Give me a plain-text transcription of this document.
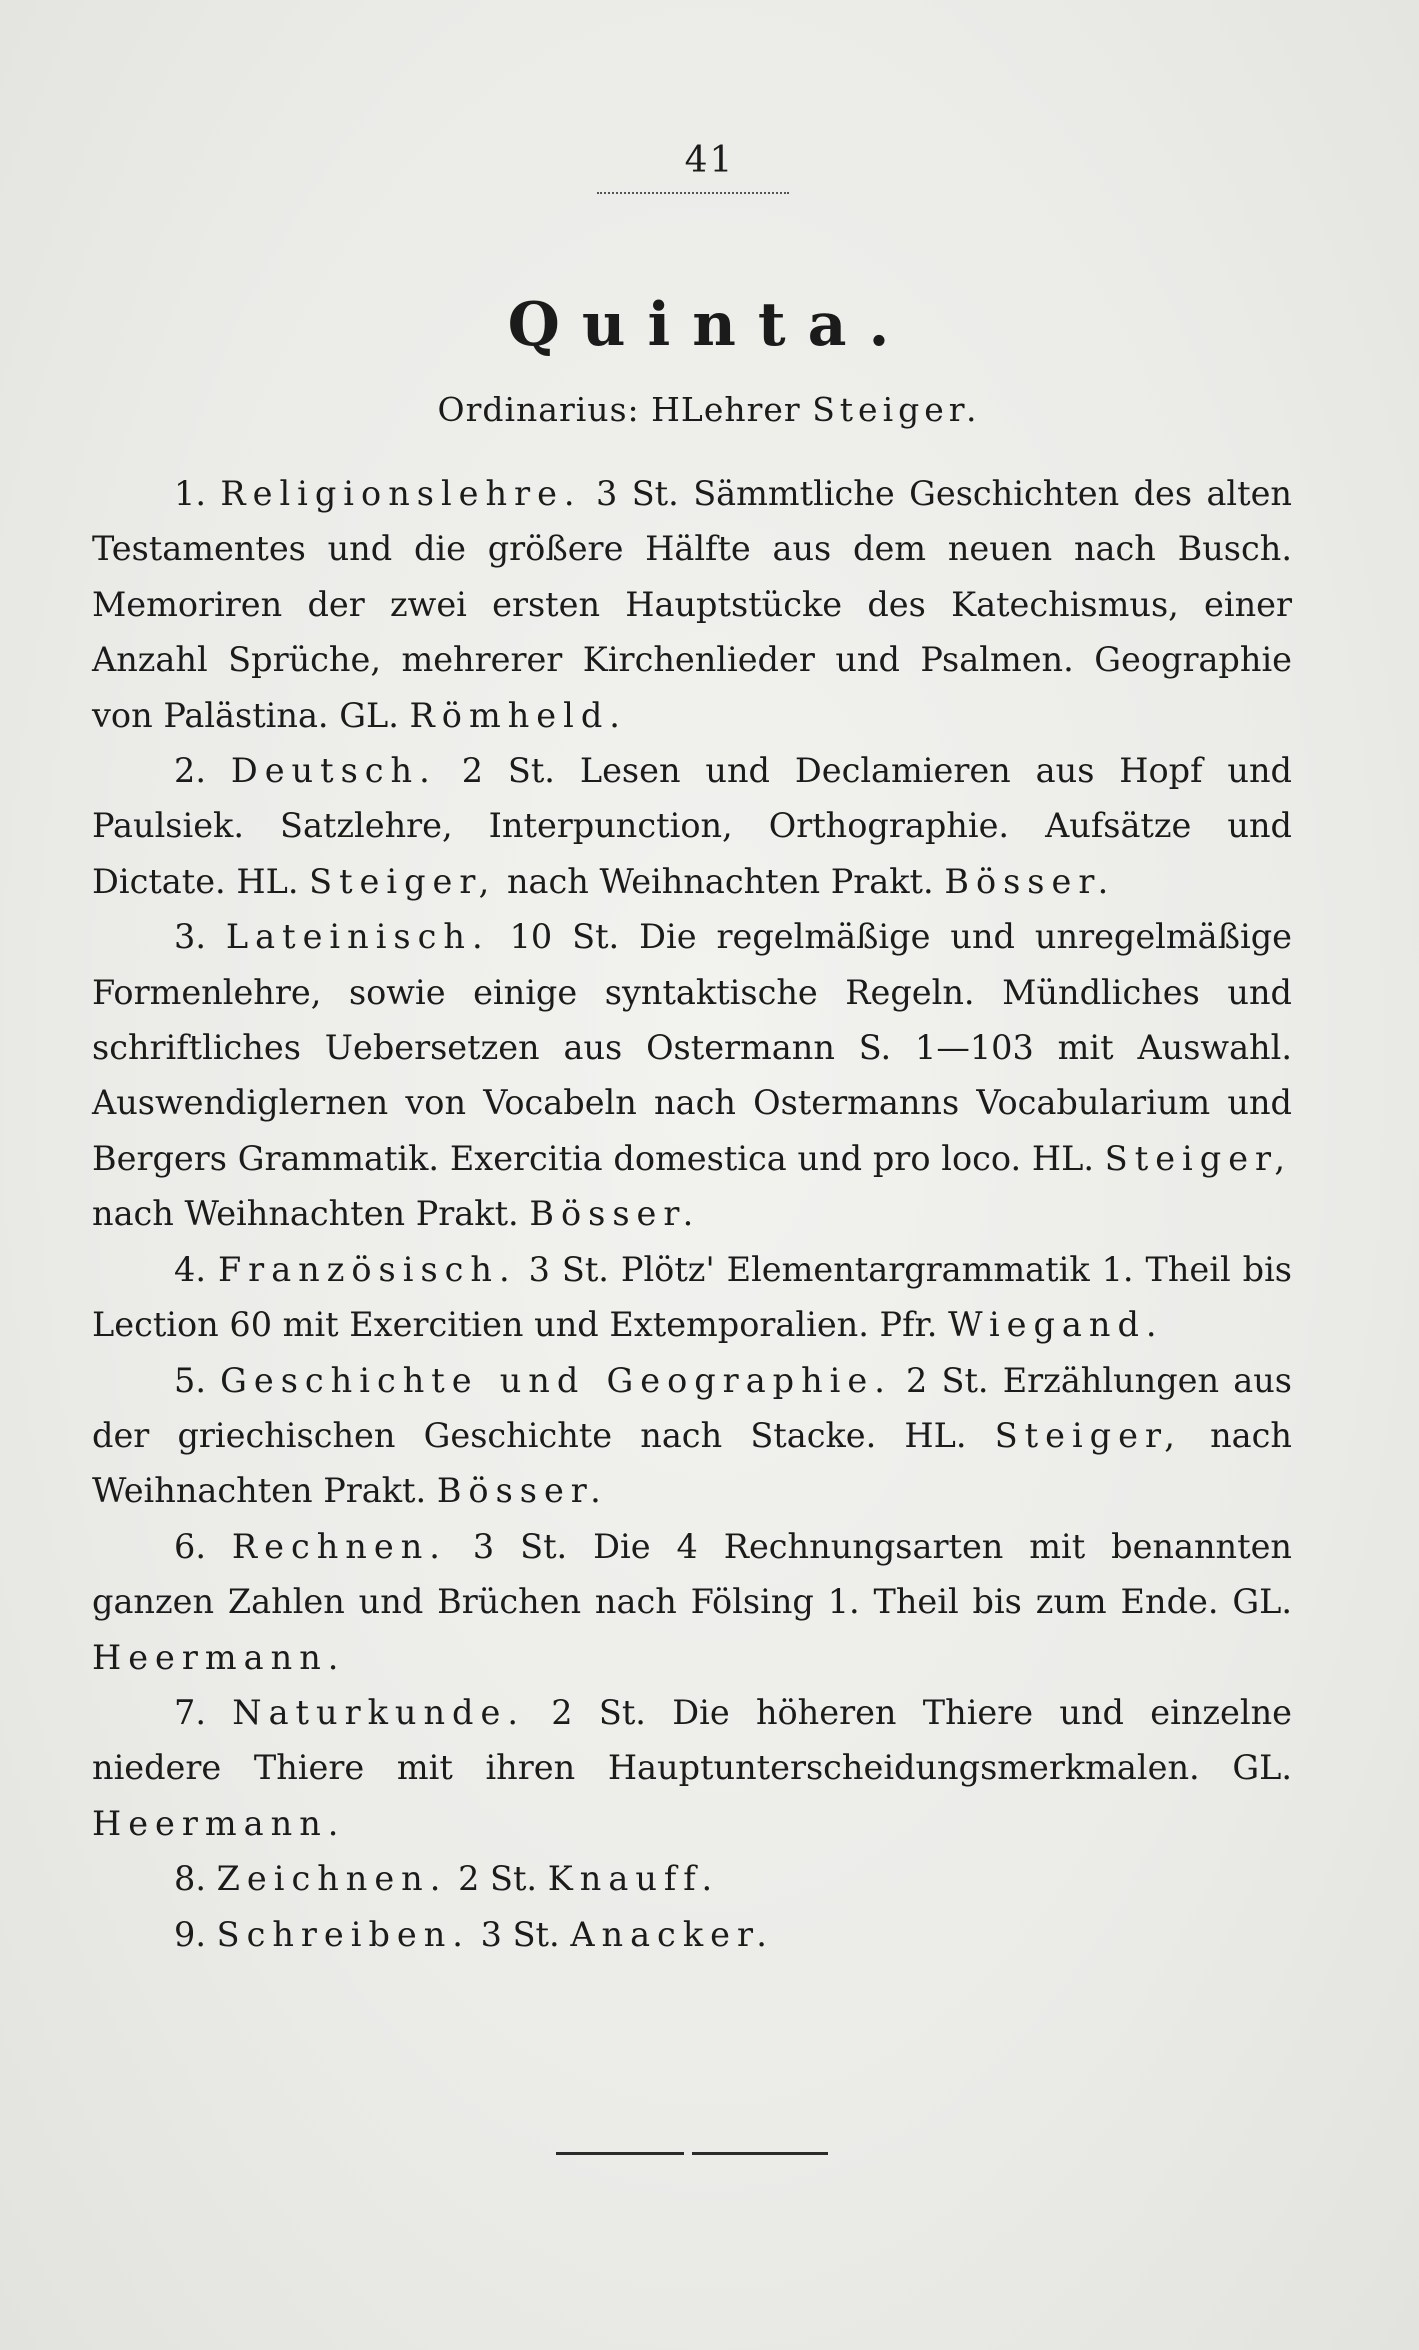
41
Quinta.
Ordinarius: HLehrer Steiger.

1. Religionslehre. 3 St. Sämmtliche Geschichten des alten Testamentes und die größere Hälfte aus dem neuen nach Busch. Memoriren der zwei ersten Hauptstücke des Katechismus, einer Anzahl Sprüche, mehrerer Kirchenlieder und Psalmen. Geographie von Palästina. GL. Römheld.

2. Deutsch. 2 St. Lesen und Declamieren aus Hopf und Paulsiek. Satzlehre, Interpunction, Orthographie. Aufsätze und Dictate. HL. Steiger, nach Weihnachten Prakt. Bösser.

3. Lateinisch. 10 St. Die regelmäßige und unregelmäßige Formenlehre, sowie einige syntaktische Regeln. Mündliches und schriftliches Uebersetzen aus Ostermann S. 1—103 mit Auswahl. Auswendiglernen von Vocabeln nach Ostermanns Vocabularium und Bergers Grammatik. Exercitia domestica und pro loco. HL. Steiger, nach Weihnachten Prakt. Bösser.

4. Französisch. 3 St. Plötz' Elementargrammatik 1. Theil bis Lection 60 mit Exercitien und Extemporalien. Pfr. Wiegand.

5. Geschichte und Geographie. 2 St. Erzählungen aus der griechischen Geschichte nach Stacke. HL. Steiger, nach Weihnachten Prakt. Bösser.

6. Rechnen. 3 St. Die 4 Rechnungsarten mit benannten ganzen Zahlen und Brüchen nach Fölsing 1. Theil bis zum Ende. GL. Heermann.

7. Naturkunde. 2 St. Die höheren Thiere und einzelne niedere Thiere mit ihren Hauptunterscheidungsmerkmalen. GL. Heermann.

8. Zeichnen. 2 St. Knauff.

9. Schreiben. 3 St. Anacker.
